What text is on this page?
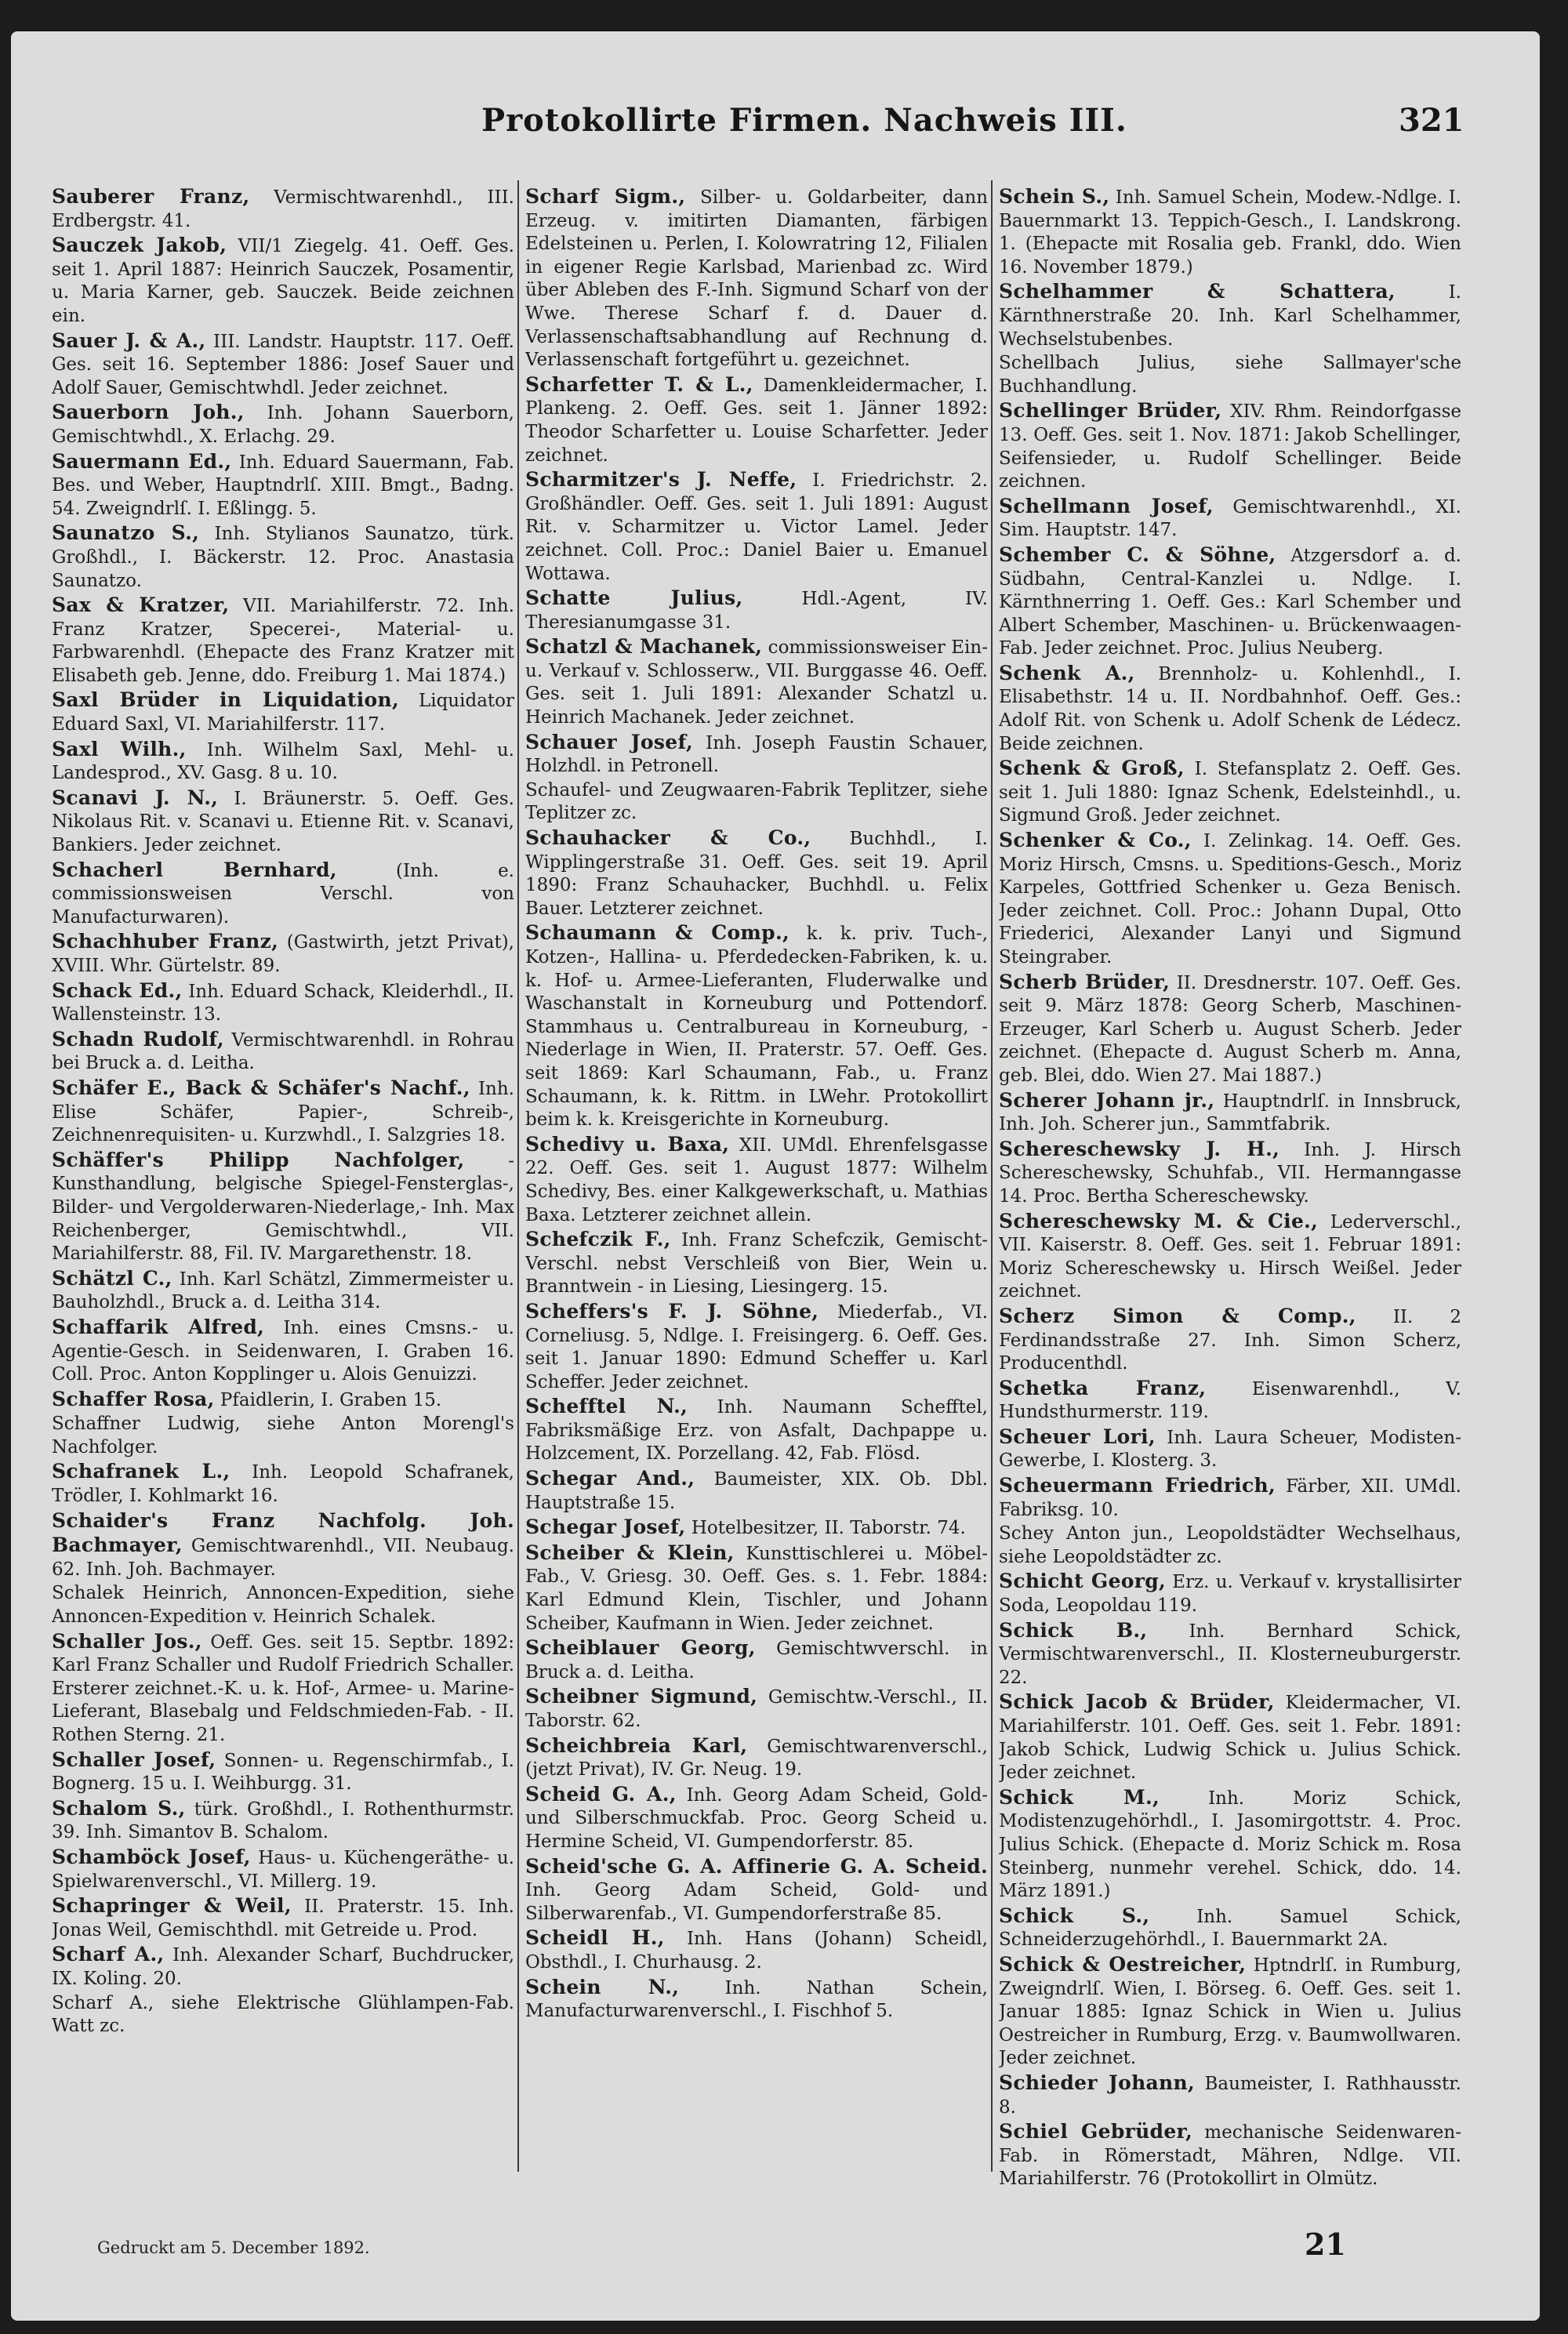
Protokollirte Firmen. Nachweis III.	321
Sauberer Franz, Vermischtwarenhdl., III. Erdbergstr. 41.
Sauczek Jakob, VII/1 Ziegelg. 41. Oeff. Ges. seit 1. April 1887: Heinrich Sauczek, Posamentir, u. Maria Karner, geb. Sauczek. Beide zeichnen ein.
Sauer J. & A., III. Landstr. Hauptstr. 117. Oeff. Ges. seit 16. September 1886: Josef Sauer und Adolf Sauer, Gemischtwhdl. Jeder zeichnet.
Sauerborn Joh., Inh. Johann Sauerborn, Gemischtwhdl., X. Erlachg. 29.
Sauermann Ed., Inh. Eduard Sauermann, Fab. Bes. und Weber, Hauptndrlſ. XIII. Bmgt., Badng. 54. Zweigndrlſ. I. Eßlingg. 5.
Saunatzo S., Inh. Stylianos Saunatzo, türk. Großhdl., I. Bäckerstr. 12. Proc. Anastasia Saunatzo.
Sax & Kratzer, VII. Mariahilferstr. 72. Inh. Franz Kratzer, Specerei-, Material- u. Farbwarenhdl. (Ehepacte des Franz Kratzer mit Elisabeth geb. Jenne, ddo. Freiburg 1. Mai 1874.)
Saxl Brüder in Liquidation, Liquidator Eduard Saxl, VI. Mariahilferstr. 117.
Saxl Wilh., Inh. Wilhelm Saxl, Mehl- u. Landesprod., XV. Gasg. 8 u. 10.
Scanavi J. N., I. Bräunerstr. 5. Oeff. Ges. Nikolaus Rit. v. Scanavi u. Etienne Rit. v. Scanavi, Bankiers. Jeder zeichnet.
Schacherl Bernhard, (Inh. e. commissionsweisen Verschl. von Manufacturwaren).
Schachhuber Franz, (Gastwirth, jetzt Privat), XVIII. Whr. Gürtelstr. 89.
Schack Ed., Inh. Eduard Schack, Kleiderhdl., II. Wallensteinstr. 13.
Schadn Rudolf, Vermischtwarenhdl. in Rohrau bei Bruck a. d. Leitha.
Schäfer E., Back & Schäfer's Nachf., Inh. Elise Schäfer, Papier-, Schreib-, Zeichnenrequisiten- u. Kurzwhdl., I. Salzgries 18.
Schäffer's Philipp Nachfolger, -Kunsthandlung, belgische Spiegel-Fensterglas-, Bilder- und Vergolderwaren-Niederlage,- Inh. Max Reichenberger, Gemischtwhdl., VII. Mariahilferstr. 88, Fil. IV. Margarethenstr. 18.
Schätzl C., Inh. Karl Schätzl, Zimmermeister u. Bauholzhdl., Bruck a. d. Leitha 314.
Schaffarik Alfred, Inh. eines Cmsns.- u. Agentie-Gesch. in Seidenwaren, I. Graben 16. Coll. Proc. Anton Kopplinger u. Alois Genuizzi.
Schaffer Rosa, Pfaidlerin, I. Graben 15.
Schaffner Ludwig, siehe Anton Morengl's Nachfolger.
Schafranek L., Inh. Leopold Schafranek, Trödler, I. Kohlmarkt 16.
Schaider's Franz Nachfolg. Joh. Bachmayer, Gemischtwarenhdl., VII. Neubaug. 62. Inh. Joh. Bachmayer.
Schalek Heinrich, Annoncen-Expedition, siehe Annoncen-Expedition v. Heinrich Schalek.
Schaller Jos., Oeff. Ges. seit 15. Septbr. 1892: Karl Franz Schaller und Rudolf Friedrich Schaller. Ersterer zeichnet.-K. u. k. Hof-, Armee- u. Marine-Lieferant, Blasebalg und Feldschmieden-Fab. - II. Rothen Sterng. 21.
Schaller Josef, Sonnen- u. Regenschirmfab., I. Bognerg. 15 u. I. Weihburgg. 31.
Schalom S., türk. Großhdl., I. Rothenthurmstr. 39. Inh. Simantov B. Schalom.
Schamböck Josef, Haus- u. Küchengeräthe- u. Spielwarenverschl., VI. Millerg. 19.
Schapringer & Weil, II. Praterstr. 15. Inh. Jonas Weil, Gemischthdl. mit Getreide u. Prod.
Scharf A., Inh. Alexander Scharf, Buchdrucker, IX. Koling. 20.
Scharf A., siehe Elektrische Glühlampen-Fab. Watt zc.
Scharf Sigm., Silber- u. Goldarbeiter, dann Erzeug. v. imitirten Diamanten, färbigen Edelsteinen u. Perlen, I. Kolowratring 12, Filialen in eigener Regie Karlsbad, Marienbad zc. Wird über Ableben des F.-Inh. Sigmund Scharf von der Wwe. Therese Scharf f. d. Dauer d. Verlassenschaftsabhandlung auf Rechnung d. Verlassenschaft fortgeführt u. gezeichnet.
Scharfetter T. & L., Damenkleidermacher, I. Plankeng. 2. Oeff. Ges. seit 1. Jänner 1892: Theodor Scharfetter u. Louise Scharfetter. Jeder zeichnet.
Scharmitzer's J. Neffe, I. Friedrichstr. 2. Großhändler. Oeff. Ges. seit 1. Juli 1891: August Rit. v. Scharmitzer u. Victor Lamel. Jeder zeichnet. Coll. Proc.: Daniel Baier u. Emanuel Wottawa.
Schatte Julius, Hdl.-Agent, IV. Theresianumgasse 31.
Schatzl & Machanek, commissionsweiser Ein- u. Verkauf v. Schlosserw., VII. Burggasse 46. Oeff. Ges. seit 1. Juli 1891: Alexander Schatzl u. Heinrich Machanek. Jeder zeichnet.
Schauer Josef, Inh. Joseph Faustin Schauer, Holzhdl. in Petronell.
Schaufel- und Zeugwaaren-Fabrik Teplitzer, siehe Teplitzer zc.
Schauhacker & Co., Buchhdl., I. Wipplingerstraße 31. Oeff. Ges. seit 19. April 1890: Franz Schauhacker, Buchhdl. u. Felix Bauer. Letzterer zeichnet.
Schaumann & Comp., k. k. priv. Tuch-, Kotzen-, Hallina- u. Pferdedecken-Fabriken, k. u. k. Hof- u. Armee-Lieferanten, Fluderwalke und Waschanstalt in Korneuburg und Pottendorf. Stammhaus u. Centralbureau in Korneuburg, - Niederlage in Wien, II. Praterstr. 57. Oeff. Ges. seit 1869: Karl Schaumann, Fab., u. Franz Schaumann, k. k. Rittm. in LWehr. Protokollirt beim k. k. Kreisgerichte in Korneuburg.
Schedivy u. Baxa, XII. UMdl. Ehrenfelsgasse 22. Oeff. Ges. seit 1. August 1877: Wilhelm Schedivy, Bes. einer Kalkgewerkschaft, u. Mathias Baxa. Letzterer zeichnet allein.
Schefczik F., Inh. Franz Schefczik, Gemischt-Verschl. nebst Verschleiß von Bier, Wein u. Branntwein - in Liesing, Liesingerg. 15.
Scheffers's F. J. Söhne, Miederfab., VI. Corneliusg. 5, Ndlge. I. Freisingerg. 6. Oeff. Ges. seit 1. Januar 1890: Edmund Scheffer u. Karl Scheffer. Jeder zeichnet.
Schefftel N., Inh. Naumann Schefftel, Fabriksmäßige Erz. von Asfalt, Dachpappe u. Holzcement, IX. Porzellang. 42, Fab. Flösd.
Schegar And., Baumeister, XIX. Ob. Dbl. Hauptstraße 15.
Schegar Josef, Hotelbesitzer, II. Taborstr. 74.
Scheiber & Klein, Kunsttischlerei u. Möbel-Fab., V. Griesg. 30. Oeff. Ges. s. 1. Febr. 1884: Karl Edmund Klein, Tischler, und Johann Scheiber, Kaufmann in Wien. Jeder zeichnet.
Scheiblauer Georg, Gemischtwverschl. in Bruck a. d. Leitha.
Scheibner Sigmund, Gemischtw.-Verschl., II. Taborstr. 62.
Scheichbreia Karl, Gemischtwarenverschl., (jetzt Privat), IV. Gr. Neug. 19.
Scheid G. A., Inh. Georg Adam Scheid, Gold- und Silberschmuckfab. Proc. Georg Scheid u. Hermine Scheid, VI. Gumpendorferstr. 85.
Scheid'sche G. A. Affinerie G. A. Scheid. Inh. Georg Adam Scheid, Gold- und Silberwarenfab., VI. Gumpendorferstraße 85.
Scheidl H., Inh. Hans (Johann) Scheidl, Obsthdl., I. Churhausg. 2.
Schein N., Inh. Nathan Schein, Manufacturwarenverschl., I. Fischhof 5.
Schein S., Inh. Samuel Schein, Modew.-Ndlge. I. Bauernmarkt 13. Teppich-Gesch., I. Landskrong. 1. (Ehepacte mit Rosalia geb. Frankl, ddo. Wien 16. November 1879.)
Schelhammer & Schattera, I. Kärnthnerstraße 20. Inh. Karl Schelhammer, Wechselstubenbes.
Schellbach Julius, siehe Sallmayer'sche Buchhandlung.
Schellinger Brüder, XIV. Rhm. Reindorfgasse 13. Oeff. Ges. seit 1. Nov. 1871: Jakob Schellinger, Seifensieder, u. Rudolf Schellinger. Beide zeichnen.
Schellmann Josef, Gemischtwarenhdl., XI. Sim. Hauptstr. 147.
Schember C. & Söhne, Atzgersdorf a. d. Südbahn, Central-Kanzlei u. Ndlge. I. Kärnthnerring 1. Oeff. Ges.: Karl Schember und Albert Schember, Maschinen- u. Brückenwaagen-Fab. Jeder zeichnet. Proc. Julius Neuberg.
Schenk A., Brennholz- u. Kohlenhdl., I. Elisabethstr. 14 u. II. Nordbahnhof. Oeff. Ges.: Adolf Rit. von Schenk u. Adolf Schenk de Lédecz. Beide zeichnen.
Schenk & Groß, I. Stefansplatz 2. Oeff. Ges. seit 1. Juli 1880: Ignaz Schenk, Edelsteinhdl., u. Sigmund Groß. Jeder zeichnet.
Schenker & Co., I. Zelinkag. 14. Oeff. Ges. Moriz Hirsch, Cmsns. u. Speditions-Gesch., Moriz Karpeles, Gottfried Schenker u. Geza Benisch. Jeder zeichnet. Coll. Proc.: Johann Dupal, Otto Friederici, Alexander Lanyi und Sigmund Steingraber.
Scherb Brüder, II. Dresdnerstr. 107. Oeff. Ges. seit 9. März 1878: Georg Scherb, Maschinen-Erzeuger, Karl Scherb u. August Scherb. Jeder zeichnet. (Ehepacte d. August Scherb m. Anna, geb. Blei, ddo. Wien 27. Mai 1887.)
Scherer Johann jr., Hauptndrlſ. in Innsbruck, Inh. Joh. Scherer jun., Sammtfabrik.
Schereschewsky J. H., Inh. J. Hirsch Schereschewsky, Schuhfab., VII. Hermanngasse 14. Proc. Bertha Schereschewsky.
Schereschewsky M. & Cie., Lederverschl., VII. Kaiserstr. 8. Oeff. Ges. seit 1. Februar 1891: Moriz Schereschewsky u. Hirsch Weißel. Jeder zeichnet.
Scherz Simon & Comp., II. 2 Ferdinandsstraße 27. Inh. Simon Scherz, Producenthdl.
Schetka Franz, Eisenwarenhdl., V. Hundsthurmerstr. 119.
Scheuer Lori, Inh. Laura Scheuer, Modisten-Gewerbe, I. Klosterg. 3.
Scheuermann Friedrich, Färber, XII. UMdl. Fabriksg. 10.
Schey Anton jun., Leopoldstädter Wechselhaus, siehe Leopoldstädter zc.
Schicht Georg, Erz. u. Verkauf v. krystallisirter Soda, Leopoldau 119.
Schick B., Inh. Bernhard Schick, Vermischtwarenverschl., II. Klosterneuburgerstr. 22.
Schick Jacob & Brüder, Kleidermacher, VI. Mariahilferstr. 101. Oeff. Ges. seit 1. Febr. 1891: Jakob Schick, Ludwig Schick u. Julius Schick. Jeder zeichnet.
Schick M., Inh. Moriz Schick, Modistenzugehörhdl., I. Jasomirgottstr. 4. Proc. Julius Schick. (Ehepacte d. Moriz Schick m. Rosa Steinberg, nunmehr verehel. Schick, ddo. 14. März 1891.)
Schick S., Inh. Samuel Schick, Schneiderzugehörhdl., I. Bauernmarkt 2A.
Schick & Oestreicher, Hptndrlſ. in Rumburg, Zweigndrlſ. Wien, I. Börseg. 6. Oeff. Ges. seit 1. Januar 1885: Ignaz Schick in Wien u. Julius Oestreicher in Rumburg, Erzg. v. Baumwollwaren. Jeder zeichnet.
Schieder Johann, Baumeister, I. Rathhausstr. 8.
Schiel Gebrüder, mechanische Seidenwaren-Fab. in Römerstadt, Mähren, Ndlge. VII. Mariahilferstr. 76 (Protokollirt in Olmütz.
Gedruckt am 5. December 1892.	21
